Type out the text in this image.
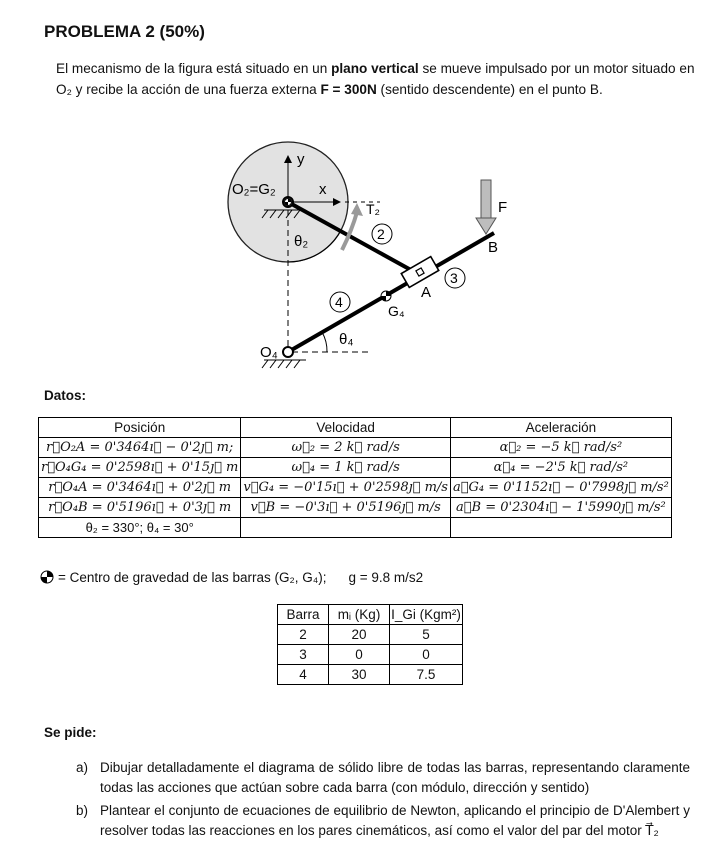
PROBLEMA 2 (50%)
El mecanismo de la figura está situado en un plano vertical se mueve impulsado por un motor situado en O₂ y recibe la acción de una fuerza externa F = 300N (sentido descendente) en el punto B.
y
x
2
3
4
O₂=G₂
T₂
θ₂
F
B
A
G₄
θ₄
O₄
Datos:
Posición	Velocidad	Aceleración
r⃗O₂A = 0'3464ı⃗ − 0'2ȷ⃗ m;	ω⃗₂ = 2 k⃗ rad/s	α⃗₂ = −5 k⃗ rad/s²
r⃗O₄G₄ = 0'2598ı⃗ + 0'15ȷ⃗ m	ω⃗₄ = 1 k⃗ rad/s	α⃗₄ = −2'5 k⃗ rad/s²
r⃗O₄A = 0'3464ı⃗ + 0'2ȷ⃗ m	v⃗G₄ = −0'15ı⃗ + 0'2598ȷ⃗ m/s	a⃗G₄ = 0'1152ı⃗ − 0'7998ȷ⃗ m/s²
r⃗O₄B = 0'5196ı⃗ + 0'3ȷ⃗ m	v⃗B = −0'3ı⃗ + 0'5196ȷ⃗ m/s	a⃗B = 0'2304ı⃗ − 1'5990ȷ⃗ m/s²
θ₂ = 330°; θ₄ = 30°		
= Centro de gravedad de las barras (G₂, G₄); g = 9.8 m/s2
Barra	mᵢ (Kg)	I_Gi (Kgm²)
2	20	5
3	0	0
4	30	7.5
Se pide:
a) Dibujar detalladamente el diagrama de sólido libre de todas las barras, representando claramente todas las acciones que actúan sobre cada barra (con módulo, dirección y sentido)
b) Plantear el conjunto de ecuaciones de equilibrio de Newton, aplicando el principio de D'Alembert y resolver todas las reacciones en los pares cinemáticos, así como el valor del par del motor T⃗₂
